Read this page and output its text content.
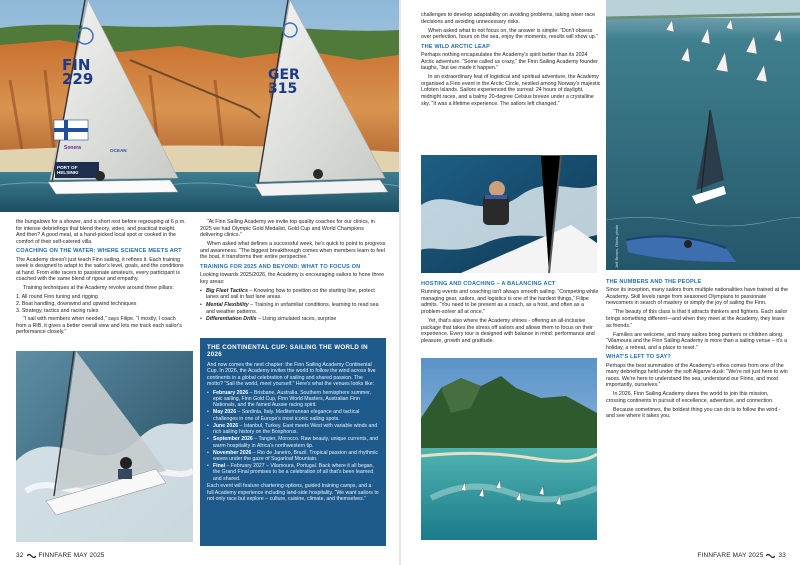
FIN
229	GER
315
Sonera
PORT OF HELSINKI
OCEAN

the bungalows for a shower, and a short rest before regrouping at 6 p.m. for intense debriefings that blend theory, video, and practical insight. And then? A good meal, at a hand-picked local spot or cooked in the comfort of their self-catered villa.

COACHING ON THE WATER: WHERE SCIENCE MEETS ART

The Academy doesn't just teach Finn sailing, it refines it. Each training week is designed to adapt to the sailor's level, goals, and the conditions at hand. From elite racers to passionate amateurs, every participant is coached with the same blend of rigour and empathy.

Training techniques at the Academy revolve around three pillars:

1. All round Finn tuning and rigging
2. Boat handling, downwind and upwind techniques
3. Strategy, tactics and racing rules

“I sail with members when needed,” says Filipe. “I mostly, I coach from a RIB, it gives a better overall view and lets me track each sailor's performance closely.”

“At Finn Sailing Academy we invite top quality coaches for our clinics, in 2025 we had Olympic Gold Medalist, Gold Cup and World Champions delivering clinics.”

When asked what defines a successful week, he's quick to point to progress and awareness. “The biggest breakthrough comes when members learn to feel the boat, it transforms their entire perspective.”

TRAINING FOR 2025 AND BEYOND: WHAT TO FOCUS ON

Looking towards 2025/2026, the Academy is encouraging sailors to hone three key areas:

• Big Fleet Tactics – Knowing how to position on the starting line, protect lanes and sail in fast lane areas.
• Mental Flexibility – Training in unfamiliar conditions, learning to read sea and weather patterns.
• Differentiation Drills – Using simulated races, surprise
THE CONTINENTAL CUP: SAILING THE WORLD IN 2026

And now comes the next chapter: the Finn Sailing Academy Continental Cup. In 2026, the Academy invites the world to follow the wind across five continents in a global celebration of sailing and shared passion. The motto? “Sail the world, meet yourself.” Here's what the venues looks like:

• February 2026 – Brisbane, Australia. Southern hemisphere summer, epic sailing, Finn Gold Cup, Finn World Masters, Australian Finn Nationals, and the famed Aussie racing spirit.
• May 2026 – Sardinia, Italy. Mediterranean elegance and tactical challenges in one of Europe's most iconic sailing spots.
• June 2026 – Istanbul, Turkey. East meets West with variable winds and rich sailing history on the Bosphorus.
• September 2026 – Tangier, Morocco. Raw beauty, unique currents, and warm hospitality in Africa's northwestern tip.
• November 2026 – Rio de Janeiro, Brazil. Tropical passion and rhythmic waves under the gaze of Sugarloaf Mountain.
• Final – February 2027 – Vilamoura, Portugal. Back where it all began, the Grand Final promises to be a celebration of all that's been learned and shared.

Each event will feature chartering options, guided training camps, and a full Academy experience including land-side hospitality. “We want sailors to not only race but explore – culture, cuisine, climate, and themselves.”

32 FINNFARE MAY 2025

challenges to develop adaptability on avoiding problems, taking wiser race decisions and avoiding unnecessary risks.

When asked what to not focus on, the answer is simple: “Don't obsess over perfection, hours on the sea, enjoy the moments, results will show up.”

THE WILD ARCTIC LEAP

Perhaps nothing encapsulates the Academy's spirit better than its 2024 Arctic adventure. “Some called us crazy,” the Finn Sailing Academy founder laughs, “but we made it happen.”

In an extraordinary feat of logistical and spiritual adventure, the Academy organised a Finn event in the Arctic Circle, nestled among Norway's majestic Lofoten Islands. Sailors experienced the surreal: 24 hours of daylight, midnight races, and a balmy 20-degree Celsius breeze under a crystalline sky. “It was a lifetime experience. The sailors left changed.”

Jeff Brown, Olivia. photo
HOSTING AND COACHING – A BALANCING ACT

Running events and coaching isn't always smooth sailing. “Competing while managing gear, sailors, and logistics is one of the hardest things,” Filipe admits. “You need to be present as a coach, as a host, and often as a problem-solver all at once.”

Yet, that's also where the Academy shines - offering an all-inclusive package that takes the stress off sailors and allows them to focus on their experience. Every tour is designed with balance in mind: performance and pleasure, growth and gratitude.

THE NUMBERS AND THE PEOPLE

Since its inception, many sailors from multiple nationalities have trained at the Academy. Skill levels range from seasoned Olympians to passionate newcomers in search of mastery or simply the joy of sailing the Finn.

“The beauty of this class is that it attracts thinkers and fighters. Each sailor brings something different—and when they meet at the Academy, they leave as friends.”

Families are welcome, and many sailors bring partners or children along. “Vilamoura and the Finn Sailing Academy is more than a sailing venue – it's a holiday, a retreat, and a place to reset.”

WHAT'S LEFT TO SAY?

Perhaps the best summation of the Academy's ethos comes from one of the many debriefings held under the soft Algarve dusk: “We're not just here to win races. We're here to understand the sea, understand our Finns, and most importantly, ourselves.”

In 2026, Finn Sailing Academy dares the world to join this mission, crossing continents in pursuit of excellence, adventure, and connection.

Because sometimes, the boldest thing you can do is to follow the wind - and see where it takes you.

FINNFARE MAY 2025 33
